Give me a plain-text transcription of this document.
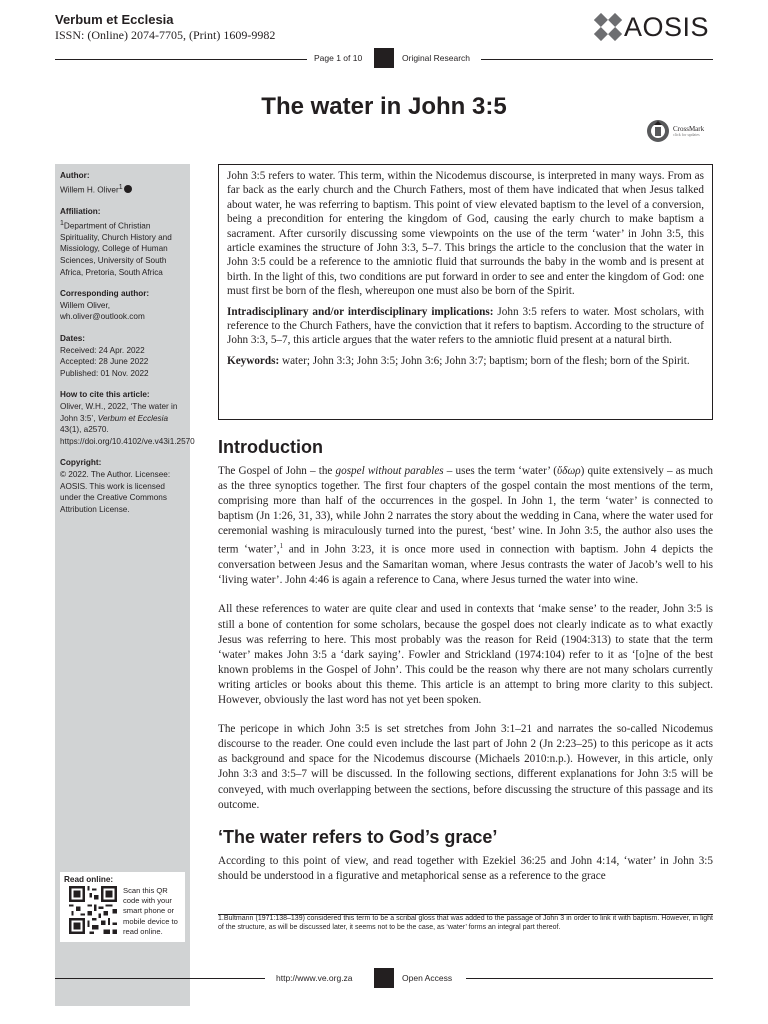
Verbum et Ecclesia
ISSN: (Online) 2074-7705, (Print) 1609-9982	AOSIS
Page 1 of 10	Original Research
The water in John 3:5
CrossMark
click for updates
Author:
Willem H. Oliver$^1$
Affiliation:
$^1$Department of Christian Spirituality, Church History and Missiology, College of Human Sciences, University of South Africa, Pretoria, South Africa
Corresponding author:
Willem Oliver,
wh.oliver@outlook.com
Dates:
Received: 24 Apr. 2022
Accepted: 28 June 2022
Published: 01 Nov. 2022
How to cite this article:
Oliver, W.H., 2022, ‘The water in John 3:5’, Verbum et Ecclesia 43(1), a2570. https://doi.org/10.4102/ve.v43i1.2570
Copyright:
© 2022. The Author. Licensee: AOSIS. This work is licensed under the Creative Commons Attribution License.
Read online:
Scan this QR code with your smart phone or mobile device to read online.

John 3:5 refers to water. This term, within the Nicodemus discourse, is interpreted in many ways. From as far back as the early church and the Church Fathers, most of them have indicated that when Jesus talked about water, he was referring to baptism. This point of view elevated baptism to the level of a conversion, being a precondition for entering the kingdom of God, causing the early church to make baptism a sacrament. After cursorily discussing some viewpoints on the use of the term ‘water’ in John 3:5, this article examines the structure of John 3:3, 5–7. This brings the article to the conclusion that the water in John 3:5 could be a reference to the amniotic fluid that surrounds the baby in the womb and is present at birth. In the light of this, two conditions are put forward in order to see and enter the kingdom of God: one must first be born of the flesh, whereupon one must also be born of the Spirit.

Intradisciplinary and/or interdisciplinary implications: John 3:5 refers to water. Most scholars, with reference to the Church Fathers, have the conviction that it refers to baptism. According to the structure of John 3:3, 5–7, this article argues that the water refers to the amniotic fluid present at a natural birth.

Keywords: water; John 3:3; John 3:5; John 3:6; John 3:7; baptism; born of the flesh; born of the Spirit.

Introduction

The Gospel of John – the gospel without parables – uses the term ‘water’ (ὕδωρ) quite extensively – as much as the three synoptics together. The first four chapters of the gospel contain the most mentions of the term, comprising more than half of the occurrences in the gospel. In John 1, the term ‘water’ is connected to baptism (Jn 1:26, 31, 33), while John 2 narrates the story about the wedding in Cana, where the water used for ceremonial washing is miraculously turned into the purest, ‘best’ wine. In John 3:5, the author also uses the term ‘water’,$^1$ and in John 3:23, it is once more used in connection with baptism. John 4 depicts the conversation between Jesus and the Samaritan woman, where Jesus contrasts the water of Jacob’s well to his ‘living water’. John 4:46 is again a reference to Cana, where Jesus turned the water into wine.

All these references to water are quite clear and used in contexts that ‘make sense’ to the reader, John 3:5 is still a bone of contention for some scholars, because the gospel does not clearly indicate as to what exactly Jesus was referring to here. This most probably was the reason for Reid (1904:313) to state that the term ‘water’ makes John 3:5 a ‘dark saying’. Fowler and Strickland (1974:104) refer to it as ‘[o]ne of the best known problems in the Gospel of John’. This could be the reason why there are not many scholars currently writing articles or books about this theme. This article is an attempt to bring more clarity to this subject. However, obviously the last word has not yet been spoken.

The pericope in which John 3:5 is set stretches from John 3:1–21 and narrates the so-called Nicodemus discourse to the reader. One could even include the last part of John 2 (Jn 2:23–25) to this pericope as it acts as background and space for the Nicodemus discourse (Michaels 2010:n.p.). However, in this article, only John 3:3 and 3:5–7 will be discussed. In the following sections, different explanations for John 3:5 will be conveyed, with much overlapping between the sections, before discussing the structure of this passage and its outcome.

‘The water refers to God’s grace’

According to this point of view, and read together with Ezekiel 36:25 and John 4:14, ‘water’ in John 3:5 should be understood in a figurative and metaphorical sense as a reference to the grace

1.Bultmann (1971:138–139) considered this term to be a scribal gloss that was added to the passage of John 3 in order to link it with baptism. However, in light of the structure, as will be discussed later, it seems not to be the case, as ‘water’ forms an integral part thereof.
http://www.ve.org.za	Open Access
